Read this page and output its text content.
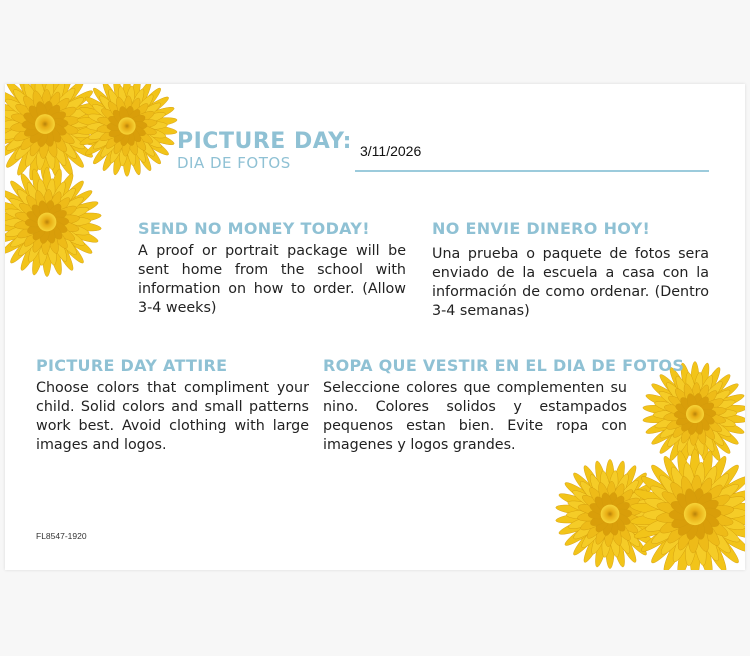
PICTURE DAY:
DIA DE FOTOS
3/11/2026
SEND NO MONEY TODAY!
A proof or portrait package will be sent home from the school with information on how to order. (Allow 3-4 weeks)
NO ENVIE DINERO HOY!
Una prueba o paquete de fotos sera enviado de la escuela a casa con la información de como ordenar. (Dentro 3-4 semanas)
PICTURE DAY ATTIRE
Choose colors that compliment your child. Solid colors and small patterns work best. Avoid clothing with large images and logos.
ROPA QUE VESTIR EN EL DIA DE FOTOS
Seleccione colores que complementen su nino. Colores solidos y estampados pequenos estan bien. Evite ropa con imagenes y logos grandes.
FL8547-1920
